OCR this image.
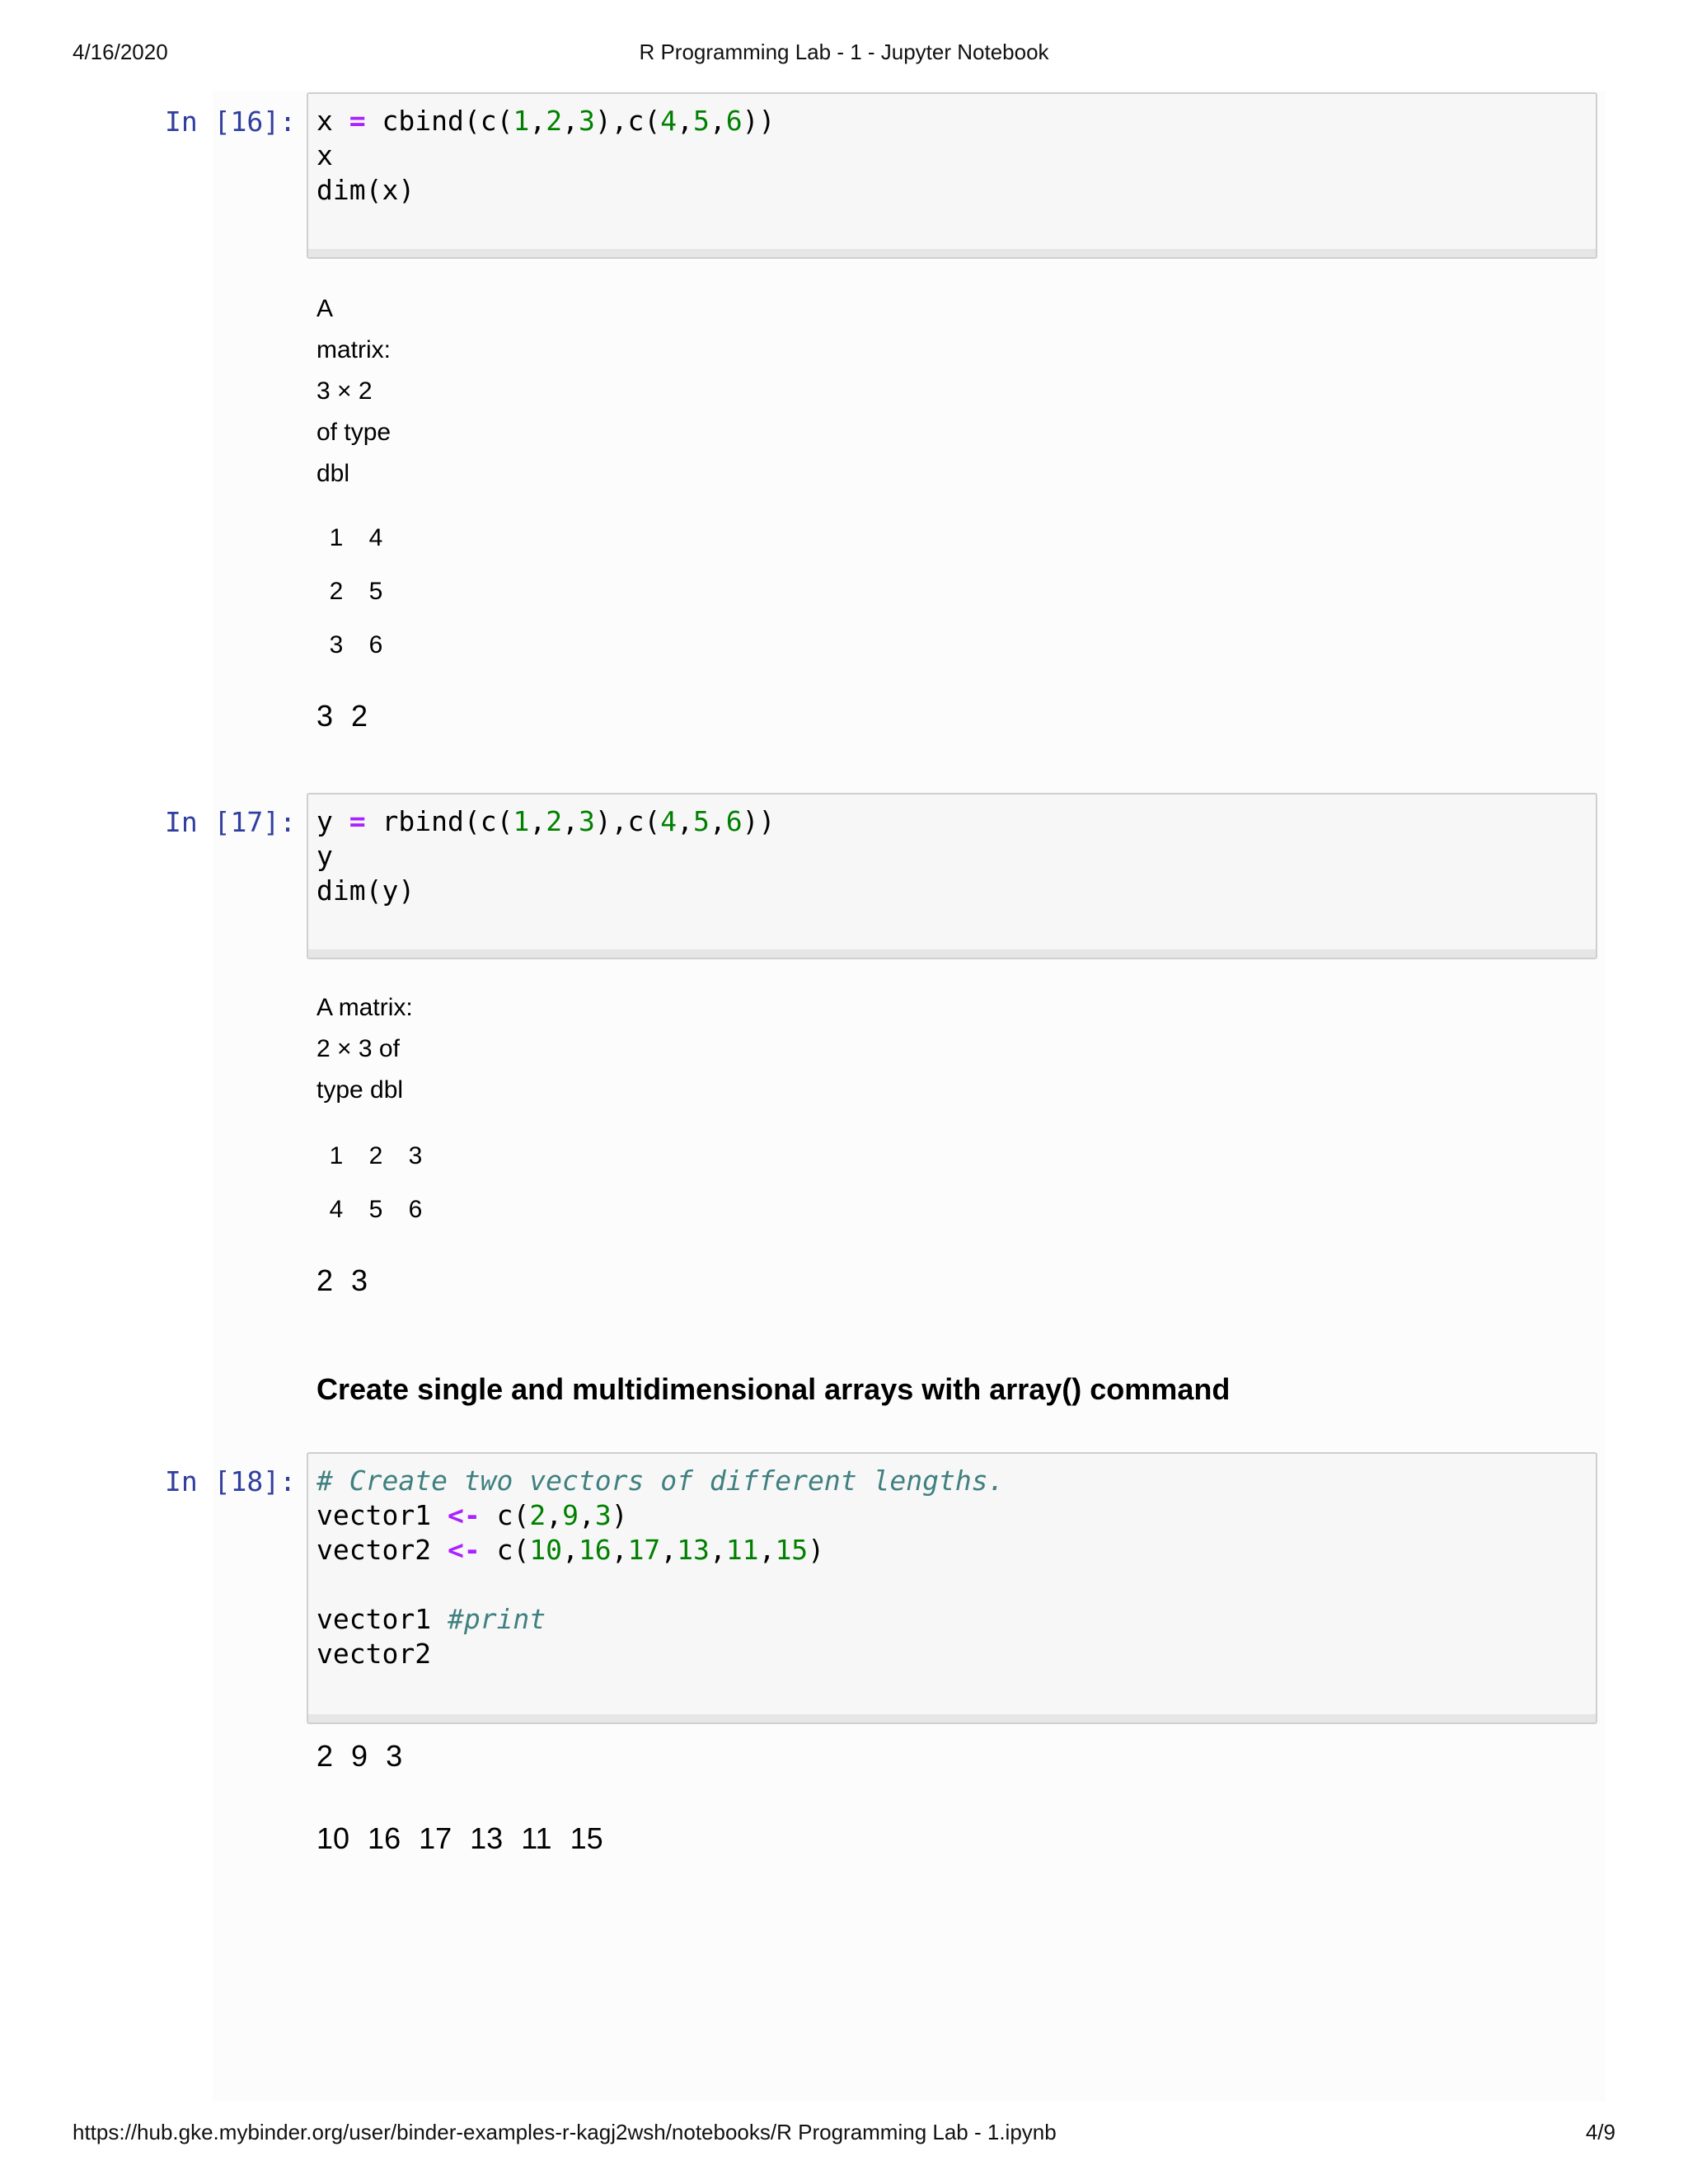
4/16/2020	R Programming Lab - 1 - Jupyter Notebook
In [16]: x = cbind(c(1,2,3),c(4,5,6))
x
dim(x)
A
matrix:
3 × 2
of type
dbl
1	4
2	5
3	6
3 2
In [17]: y = rbind(c(1,2,3),c(4,5,6))
y
dim(y)
A matrix:
2 × 3 of
type dbl
1	2	3
4	5	6
2 3
Create single and multidimensional arrays with array() command
In [18]: # Create two vectors of different lengths.
vector1 <- c(2,9,3)
vector2 <- c(10,16,17,13,11,15)

vector1 #print
vector2
2 9 3
10 16 17 13 11 15
https://hub.gke.mybinder.org/user/binder-examples-r-kagj2wsh/notebooks/R Programming Lab - 1.ipynb	4/9
